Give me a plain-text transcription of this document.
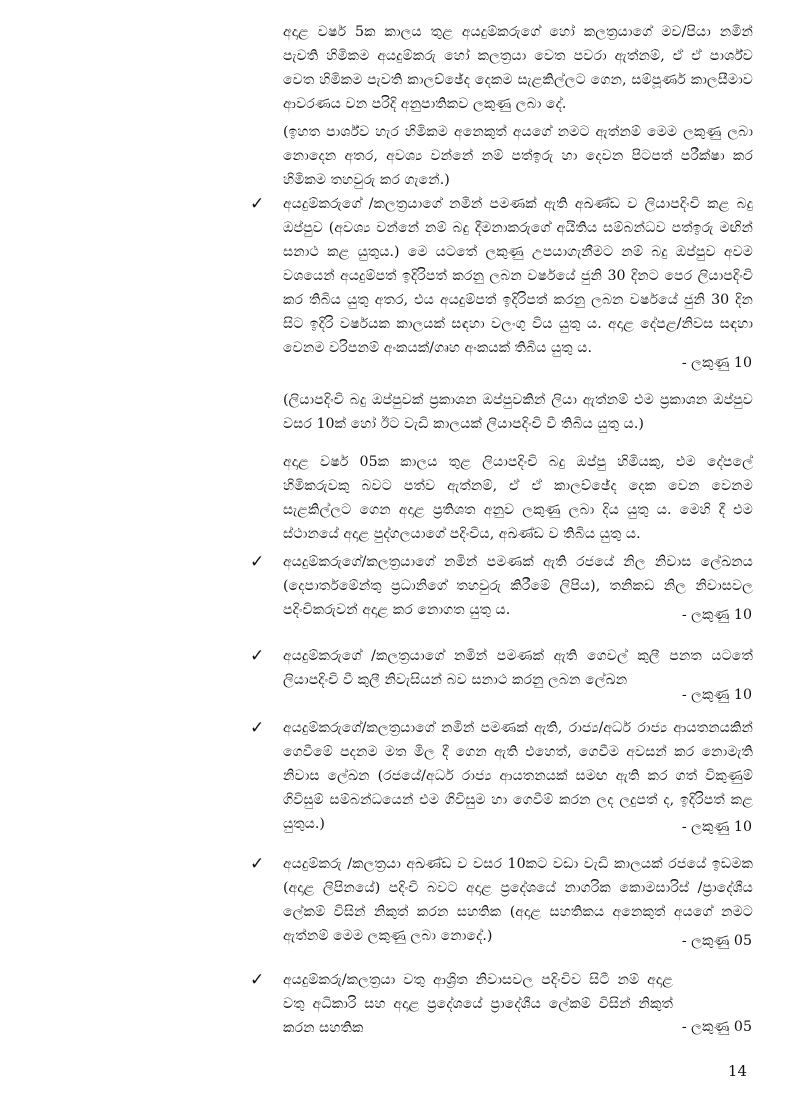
අදාළ වර්ෂ 5ක කාලය තුළ අයදුම්කරුගේ හෝ කලත්‍රයාගේ මව/පියා නමින් පැවති හිමිකම අයදුම්කරු හෝ කලත්‍රයා වෙත පවරා ඇත්නම්, ඒ ඒ පාර්ශ්ව වෙත හිමිකම පැවති කාලච්ඡේද දෙකම සැළකිල්ලට ගෙන, සම්පූර්ණ කාලසීමාව ආවරණය වන පරිදි අනුපාතිකව ලකුණු ලබා දේ.
(ඉහත පාර්ශ්ව හැර හිමිකම අනෙකුත් අයගේ නමට ඇත්නම් මෙම ලකුණු ලබා නොදෙන අතර, අවශ්‍ය වන්නේ නම් පත්ඉරු හා දෙවන පිටපත් පරීක්ෂා කර හිමිකම තහවුරු කර ගැනේ.)
✓ අයදුම්කරුගේ /කලත්‍රයාගේ නමින් පමණක් ඇති අඛණ්ඩ ව ලියාපදිංචි කළ බදු ඔප්පුව (අවශ්‍ය වන්නේ නම් බදු දීමනාකරුගේ අයිතිය සම්බන්ධව පත්ඉරු මඟින් සනාථ කළ යුතුය.) මෙ යටතේ ලකුණු උපයාගැනීමට නම් බදු ඔප්පුව අවම වශයෙන් අයදුම්පත් ඉදිරිපත් කරනු ලබන වර්ෂයේ ජුනි 30 දිනට පෙර ලියාපදිංචි කර තිබිය යුතු අතර, එය අයදුම්පත් ඉදිරිපත් කරනු ලබන වර්ෂයේ ජුනි 30 දින සිට ඉදිරි වර්ෂයක කාලයක් සඳහා වලංගු විය යුතු ය. අදාළ දේපළ/නිවස සඳහා වෙනම වරිපනම් අංකයක්/ගෘහ අංකයක් තිබිය යුතු ය.
- ලකුණු 10
(ලියාපදිංචි බදු ඔප්පුවක් ප්‍රකාශන ඔප්පුවකින් ලියා ඇත්නම් එම ප්‍රකාශන ඔප්පුව වසර 10ක් හෝ ඊට වැඩි කාලයක් ලියාපදිංචි වී තිබිය යුතු ය.)
අදාළ වර්ෂ 05ක කාලය තුළ ලියාපදිංචි බදු ඔප්පු හිමියකු, එම දේපලේ හිමිකරුවකු බවට පත්ව ඇත්නම්, ඒ ඒ කාලච්ඡේද දෙක වෙන වෙනම සැළකිල්ලට ගෙන අදාළ ප්‍රතිශත අනුව ලකුණු ලබා දිය යුතු ය. මෙහි දී එම ස්ථානයේ අදාළ පුද්ගලයාගේ පදිංචිය, අඛණ්ඩ ව තිබිය යුතු ය.
✓ අයදුම්කරුගේ/කලත්‍රයාගේ නමින් පමණක් ඇති රජයේ නිල නිවාස ලේඛනය (දෙපාර්තමේන්තු ප්‍රධානිගේ තහවුරු කිරීමේ ලිපිය), තනිකඩ නිල නිවාසවල පදිංචිකරුවන් අදාළ කර නොගත යුතු ය.	- ලකුණු 10
✓ අයදුම්කරුගේ /කලත්‍රයාගේ නමින් පමණක් ඇති ගෙවල් කුලී පනත යටතේ ලියාපදිංචි වී කුලී නිවැසියන් බව සනාථ කරනු ලබන ලේඛන
- ලකුණු 10
✓ අයදුම්කරුගේ/කලත්‍රයාගේ නමින් පමණක් ඇති, රාජ්‍ය/අර්ධ රාජ්‍ය ආයතනයකින් ගෙවීමේ පදනම මත මිල දී ගෙන ඇති එහෙත්, ගෙවීම අවසන් කර නොමැති නිවාස ලේඛන (රජයේ/අර්ධ රාජ්‍ය ආයතනයක් සමඟ ඇති කර ගත් විකුණුම් ගිවිසුම් සම්බන්ධයෙන් එම ගිවිසුම හා ගෙවීම් කරන ලද ලදුපත් ද, ඉදිරිපත් කළ යුතුය.)	- ලකුණු 10
✓ අයදුම්කරු /කලත්‍රයා අඛණ්ඩ ව වසර 10කට වඩා වැඩි කාලයක් රජයේ ඉඩමක (අදාළ ලිපිනයේ) පදිංචි බවට අදාළ ප්‍රදේශයේ නාගරික කොමසාරිස් /ප්‍රාදේශීය ලේකම් විසින් නිකුත් කරන සහතික (අදාළ සහතිකය අනෙකුත් අයගේ නමට ඇත්නම් මෙම ලකුණු ලබා නොදේ.)	- ලකුණු 05
✓ අයදුම්කරු/කලත්‍රයා වතු ආශ්‍රිත නිවාසවල පදිංචිව සිටී නම් අදාළ වතු අධිකාරි සහ අදාළ ප්‍රදේශයේ ප්‍රාදේශීය ලේකම් විසින් නිකුත් කරන සහතික	- ලකුණු 05
14
